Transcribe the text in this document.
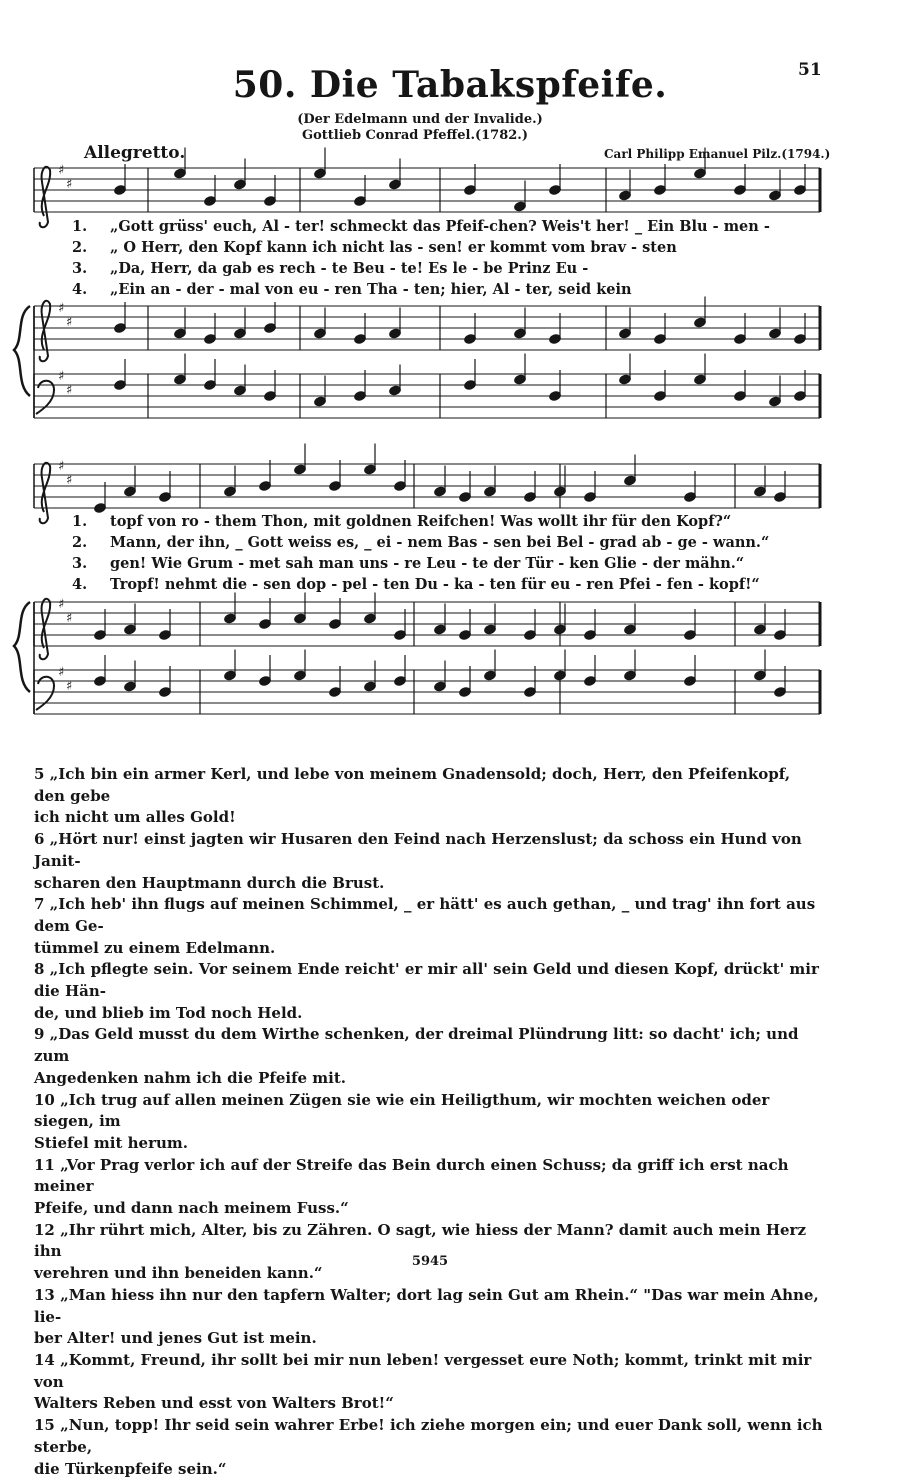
51
50. Die Tabakspfeife.
(Der Edelmann und der Invalide.)
Gottlieb Conrad Pfeffel.(1782.)
Allegretto.	Carl Philipp Emanuel Pilz.(1794.)
♯
♯
♯
♯
♯
♯
♯
♯
♯
♯
♯
♯
1. „Gott grüss' euch, Al - ter! schmeckt das Pfeif-chen? Weis't her! _ Ein Blu - men -
2. „ O Herr, den Kopf kann ich nicht las - sen! er kommt vom brav - sten
3. „Da, Herr, da gab es rech - te Beu - te! Es le - be Prinz Eu -
4. „Ein an - der - mal von eu - ren Tha - ten; hier, Al - ter, seid kein
1. topf von ro - them Thon, mit goldnen Reifchen! Was wollt ihr für den Kopf?“
2. Mann, der ihn, _ Gott weiss es, _ ei - nem Bas - sen bei Bel - grad ab - ge - wann.“
3. gen! Wie Grum - met sah man uns - re Leu - te der Tür - ken Glie - der mähn.“
4. Tropf! nehmt die - sen dop - pel - ten Du - ka - ten für eu - ren Pfei - fen - kopf!“

5 „Ich bin ein armer Kerl, und lebe von meinem Gnadensold; doch, Herr, den Pfeifenkopf, den gebe

ich nicht um alles Gold!

6 „Hört nur! einst jagten wir Husaren den Feind nach Herzenslust; da schoss ein Hund von Janit-

scharen den Hauptmann durch die Brust.

7 „Ich heb' ihn flugs auf meinen Schimmel, _ er hätt' es auch gethan, _ und trag' ihn fort aus dem Ge-

tümmel zu einem Edelmann.

8 „Ich pflegte sein. Vor seinem Ende reicht' er mir all' sein Geld und diesen Kopf, drückt' mir die Hän-

de, und blieb im Tod noch Held.

9 „Das Geld musst du dem Wirthe schenken, der dreimal Plündrung litt: so dacht' ich; und zum

Angedenken nahm ich die Pfeife mit.

10 „Ich trug auf allen meinen Zügen sie wie ein Heiligthum, wir mochten weichen oder siegen, im

Stiefel mit herum.

11 „Vor Prag verlor ich auf der Streife das Bein durch einen Schuss; da griff ich erst nach meiner

Pfeife, und dann nach meinem Fuss.“

12 „Ihr rührt mich, Alter, bis zu Zähren. O sagt, wie hiess der Mann? damit auch mein Herz ihn

verehren und ihn beneiden kann.“

13 „Man hiess ihn nur den tapfern Walter; dort lag sein Gut am Rhein.“ "Das war mein Ahne, lie-

ber Alter! und jenes Gut ist mein.

14 „Kommt, Freund, ihr sollt bei mir nun leben! vergesset eure Noth; kommt, trinkt mit mir von

Walters Reben und esst von Walters Brot!“

15 „Nun, topp! Ihr seid sein wahrer Erbe! ich ziehe morgen ein; und euer Dank soll, wenn ich sterbe,

die Türkenpfeife sein.“

5945
